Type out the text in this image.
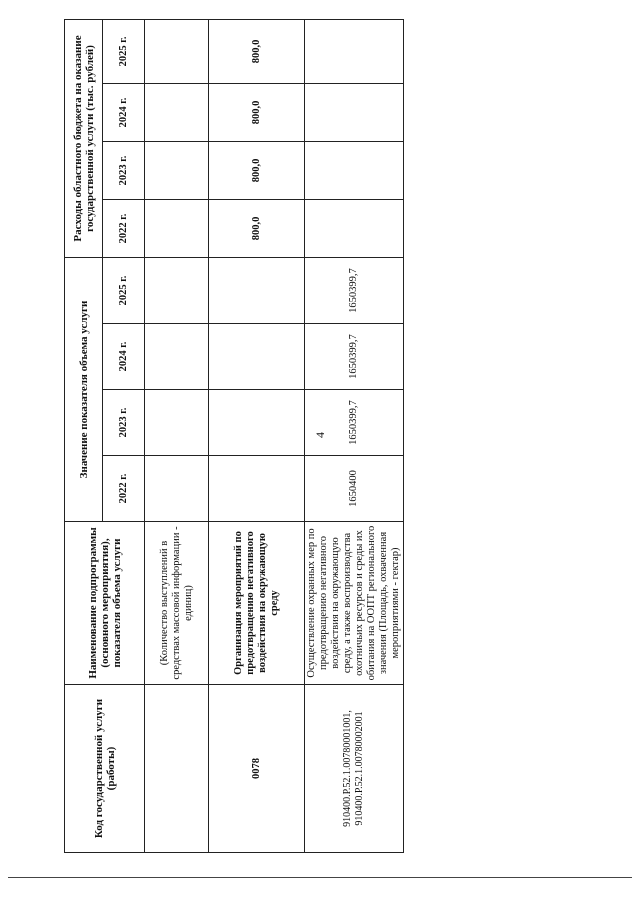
4
Код государственной услуги (работы)	Наименование подпрограммы (основного мероприятия), показателя объема услуги	Значение показателя объема услуги				Расходы областного бюджета на оказание государственной услуги (тыс. рублей)			
		2022 г.	2023 г.	2024 г.	2025 г.	2022 г.	2023 г.	2024 г.	2025 г.
	(Количество выступлений в средствах массовой информации - единиц)								
0078	Организация мероприятий по предотвращению негативного воздействия на окружающую среду					800,0	800,0	800,0	800,0
910400.Р.52.1.00780001001, 910400.Р.52.1.00780002001	Осуществление охранных мер по предотвращению негативного воздействия на окружающую среду, а также воспроизводства охотничьих ресурсов и среды их обитания на ООПТ регионального значения (Площадь, охваченная мероприятиями - гектар)	1650400	1650399,7	1650399,7	1650399,7				
